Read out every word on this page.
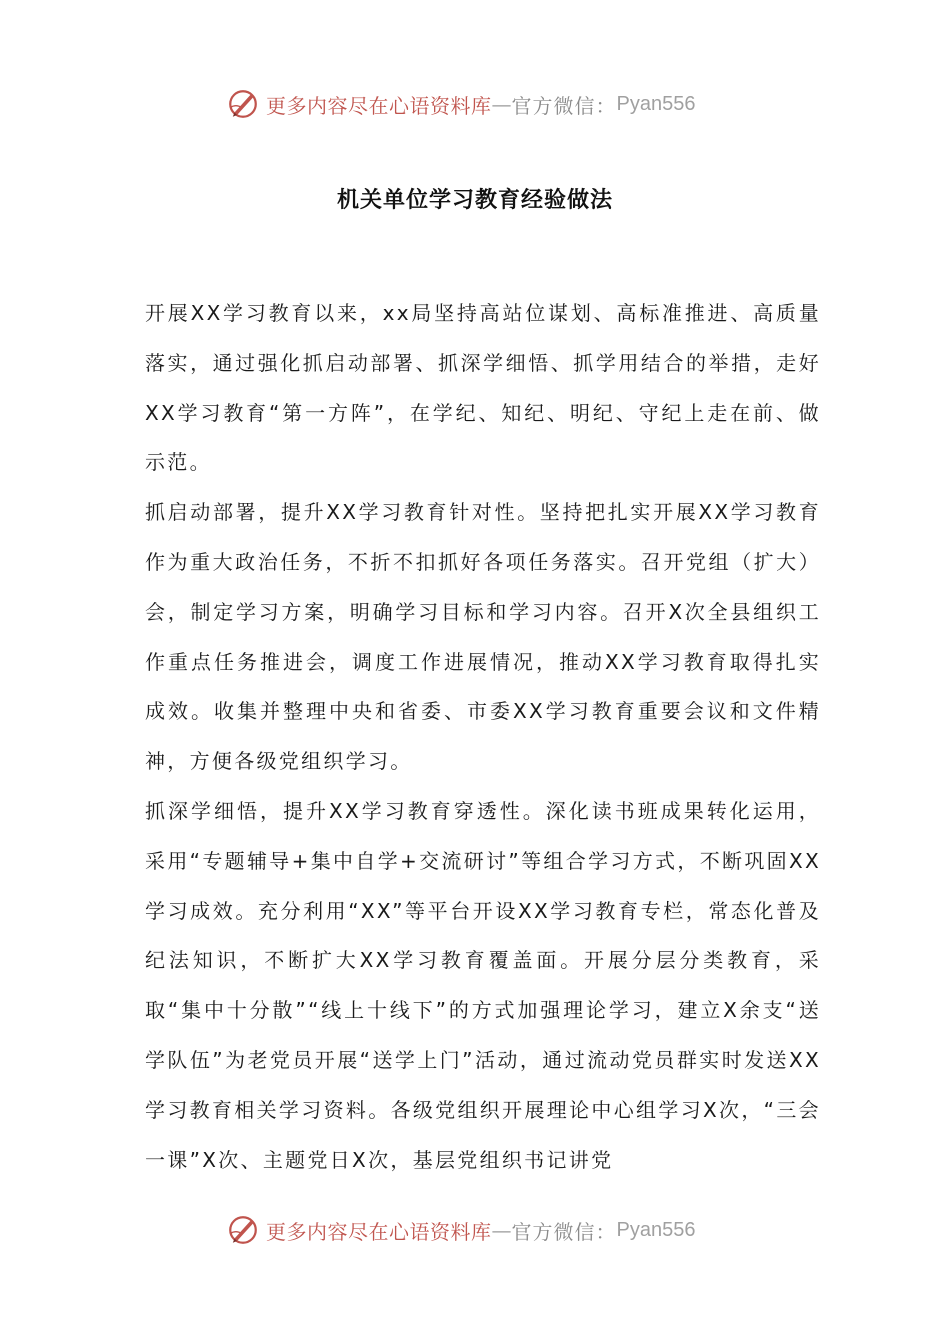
更多内容尽在心语资料库 — 官方微信： Pyan556
机关单位学习教育经验做法

开展XX学习教育以来，xx局坚持高站位谋划、高标准推进、高质量落实，通过强化抓启动部署、抓深学细悟、抓学用结合的举措，走好XX学习教育“第一方阵”，在学纪、知纪、明纪、守纪上走在前、做示范。

抓启动部署，提升XX学习教育针对性。坚持把扎实开展XX学习教育作为重大政治任务，不折不扣抓好各项任务落实。召开党组（扩大）会，制定学习方案，明确学习目标和学习内容。召开X次全县组织工作重点任务推进会，调度工作进展情况，推动XX学习教育取得扎实成效。收集并整理中央和省委、市委XX学习教育重要会议和文件精神，方便各级党组织学习。

抓深学细悟，提升XX学习教育穿透性。深化读书班成果转化运用，采用“专题辅导+集中自学+交流研讨”等组合学习方式，不断巩固XX学习成效。充分利用“XX”等平台开设XX学习教育专栏，常态化普及纪法知识，不断扩大XX学习教育覆盖面。开展分层分类教育，采取“集中十分散”“线上十线下”的方式加强理论学习，建立X余支“送学队伍”为老党员开展“送学上门”活动，通过流动党员群实时发送XX学习教育相关学习资料。各级党组织开展理论中心组学习X次，“三会一课”X次、主题党日X次，基层党组织书记讲党

更多内容尽在心语资料库 — 官方微信： Pyan556
